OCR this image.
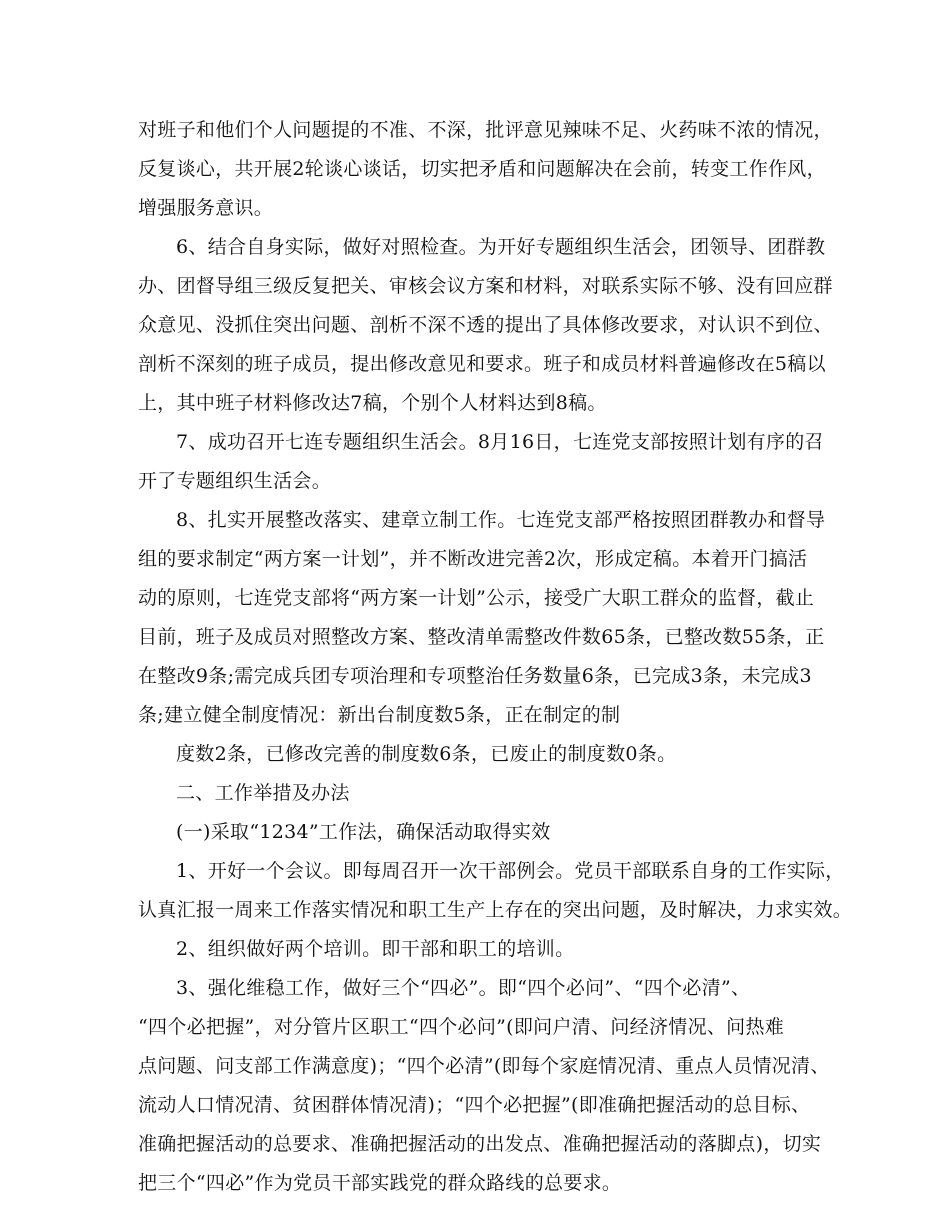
对班子和他们个人问题提的不准、不深，批评意见辣味不足、火药味不浓的情况，
反复谈心，共开展2轮谈心谈话，切实把矛盾和问题解决在会前，转变工作作风，
增强服务意识。
6、结合自身实际，做好对照检查。为开好专题组织生活会，团领导、团群教
办、团督导组三级反复把关、审核会议方案和材料，对联系实际不够、没有回应群
众意见、没抓住突出问题、剖析不深不透的提出了具体修改要求，对认识不到位、
剖析不深刻的班子成员，提出修改意见和要求。班子和成员材料普遍修改在5稿以
上，其中班子材料修改达7稿，个别个人材料达到8稿。
7、成功召开七连专题组织生活会。8月16日，七连党支部按照计划有序的召
开了专题组织生活会。
8、扎实开展整改落实、建章立制工作。七连党支部严格按照团群教办和督导
组的要求制定“两方案一计划”，并不断改进完善2次，形成定稿。本着开门搞活
动的原则，七连党支部将“两方案一计划”公示，接受广大职工群众的监督，截止
目前，班子及成员对照整改方案、整改清单需整改件数65条，已整改数55条，正
在整改9条;需完成兵团专项治理和专项整治任务数量6条，已完成3条，未完成3
条;建立健全制度情况：新出台制度数5条，正在制定的制
度数2条，已修改完善的制度数6条，已废止的制度数0条。
二、工作举措及办法
(一)采取“1234”工作法，确保活动取得实效
1、开好一个会议。即每周召开一次干部例会。党员干部联系自身的工作实际，
认真汇报一周来工作落实情况和职工生产上存在的突出问题，及时解决，力求实效。
2、组织做好两个培训。即干部和职工的培训。
3、强化维稳工作，做好三个“四必”。即“四个必问”、“四个必清”、
“四个必把握”，对分管片区职工“四个必问”(即问户清、问经济情况、问热难
点问题、问支部工作满意度)；“四个必清”(即每个家庭情况清、重点人员情况清、
流动人口情况清、贫困群体情况清)；“四个必把握”(即准确把握活动的总目标、
准确把握活动的总要求、准确把握活动的出发点、准确把握活动的落脚点)，切实
把三个“四必”作为党员干部实践党的群众路线的总要求。
